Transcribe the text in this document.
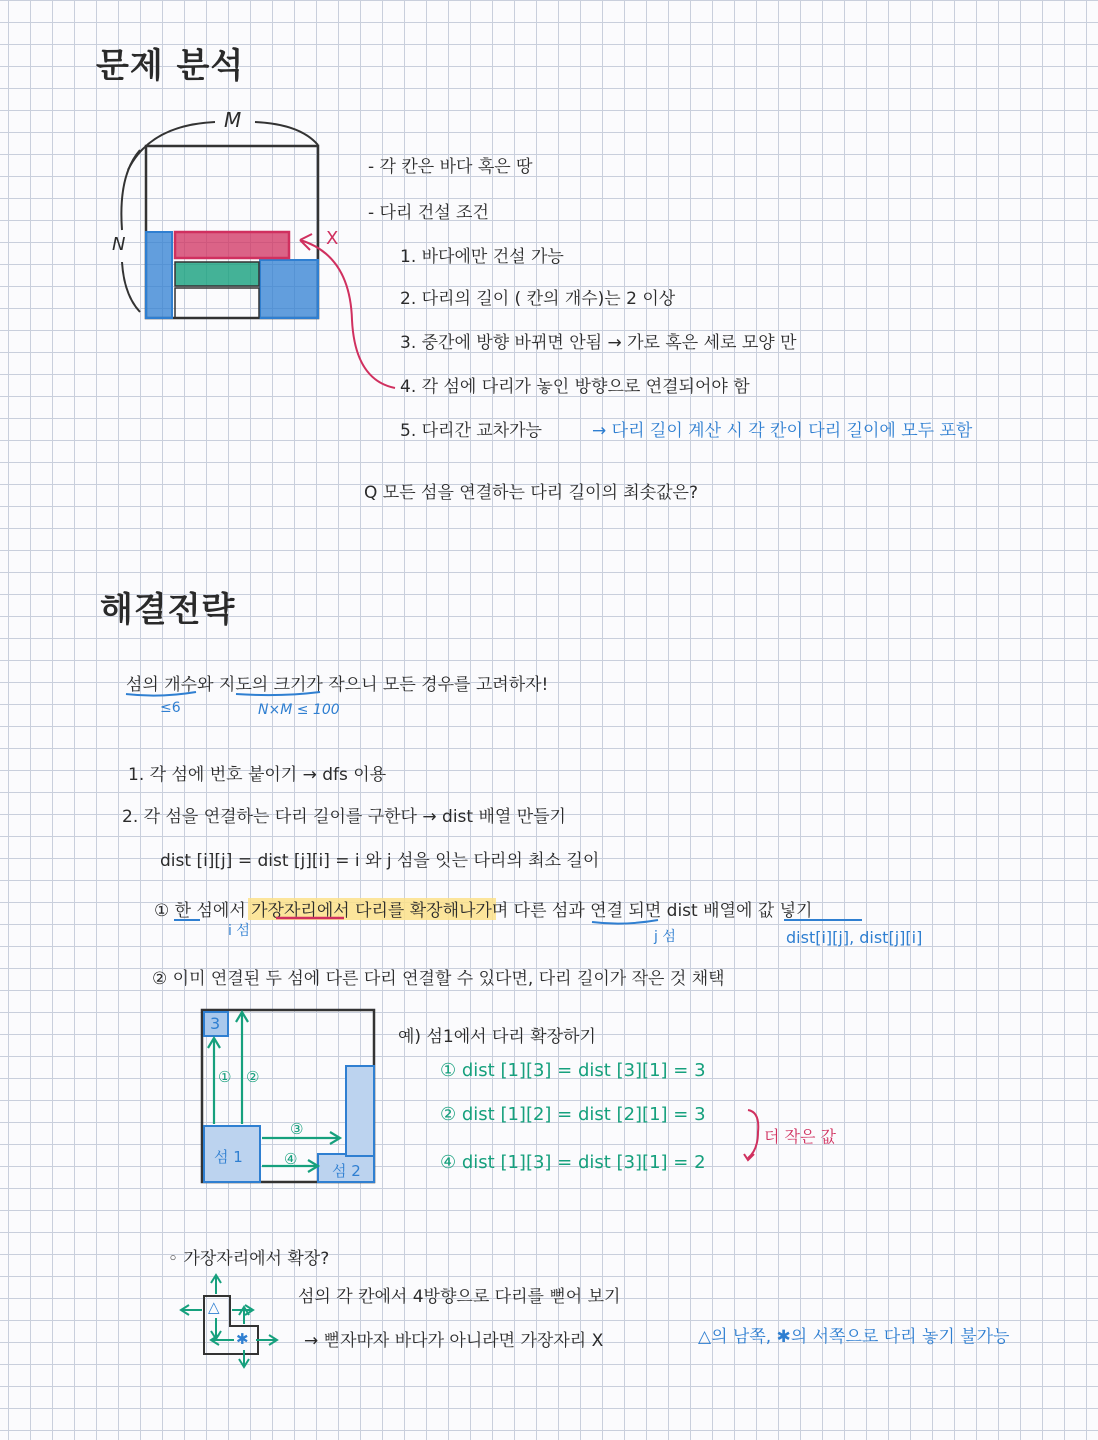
문제 분석
M
N	X
- 각 칸은 바다 혹은 땅
- 다리 건설 조건
1. 바다에만 건설 가능
2. 다리의 길이 ( 칸의 개수)는 2 이상
3. 중간에 방향 바뀌면 안됨 → 가로 혹은 세로 모양 만
4. 각 섬에 다리가 놓인 방향으로 연결되어야 함
5. 다리간 교차가능	→ 다리 길이 계산 시 각 칸이 다리 길이에 모두 포함
Q 모든 섬을 연결하는 다리 길이의 최솟값은?
해결전략
섬의 개수와 지도의 크기가 작으니 모든 경우를 고려하자!
≤6	N×M ≤ 100
1. 각 섬에 번호 붙이기 → dfs 이용
2. 각 섬을 연결하는 다리 길이를 구한다 → dist 배열 만들기
dist [i][j] = dist [j][i] = i 와 j 섬을 잇는 다리의 최소 길이
① 한 섬에서 가장자리에서 다리를 확장해나가며 다른 섬과 연결 되면 dist 배열에 값 넣기
i 섬	j 섬	dist[i][j], dist[j][i]
② 이미 연결된 두 섬에 다른 다리 연결할 수 있다면, 다리 길이가 작은 것 채택
3
섬 1
섬 2
① ②
③
④
예) 섬1에서 다리 확장하기
① dist [1][3] = dist [3][1] = 3
② dist [1][2] = dist [2][1] = 3
④ dist [1][3] = dist [3][1] = 2
더 작은 값
◦ 가장자리에서 확장?
△
✱
섬의 각 칸에서 4방향으로 다리를 뻗어 보기
→ 뻗자마자 바다가 아니라면 가장자리 X	△의 남쪽, ✱의 서쪽으로 다리 놓기 불가능
